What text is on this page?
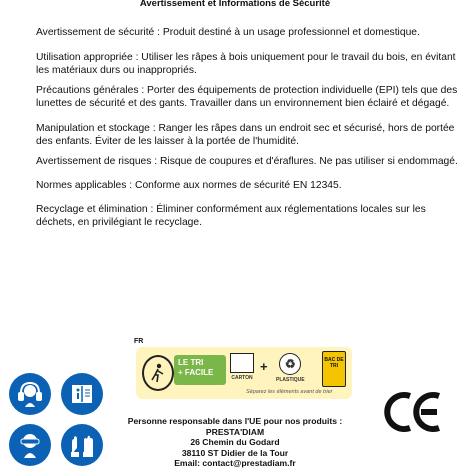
Avertissement et Informations de Sécurité
Avertissement de sécurité : Produit destiné à un usage professionnel et domestique.
Utilisation appropriée : Utiliser les râpes à bois uniquement pour le travail du bois, en évitant les matériaux durs ou inappropriés.
Précautions générales : Porter des équipements de protection individuelle (EPI) tels que des lunettes de sécurité et des gants. Travailler dans un environnement bien éclairé et dégagé.
Manipulation et stockage : Ranger les râpes dans un endroit sec et sécurisé, hors de portée des enfants. Éviter de les laisser à la portée de l'humidité.
Avertissement de risques : Risque de coupures et d'éraflures. Ne pas utiliser si endommagé.
Normes applicables : Conforme aux normes de sécurité EN 12345.
Recyclage et élimination : Éliminer conformément aux réglementations locales sur les déchets, en privilégiant le recyclage.
FR
LE TRI
+ FACILE
CARTON
+	♻
PLASTIQUE
BAC DE TRI
Séparez les éléments avant de trier
Personne responsable dans l'UE pour nos produits :
PRESTA'DIAM
26 Chemin du Godard
38110 ST Didier de la Tour
Email: contact@prestadiam.fr
